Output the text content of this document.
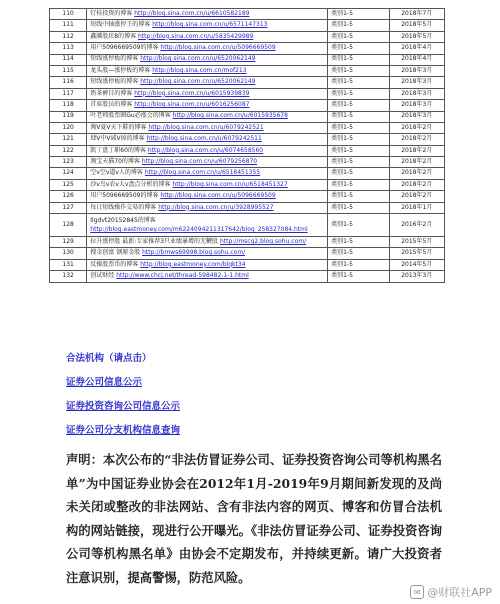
110	钌桂投资的博客 http://blog.sina.com.cn/u/6610582189	类别1-5	2018年7月
111	短线中轴涨停王的博客 http://blog.sina.com.cn/u/6571147313	类别1-5	2018年5月
112	鑫膦股状8的博客 http://blog.sina.com.cn/u/5835429989	类别1-5	2018年5月
113	用户5096669509的博客 http://blog.sina.com.cn/u/5096669509	类别1-5	2018年4月
114	短线涨停板的博客 http://blog.sina.com.cn/u/6520062149	类别1-5	2018年4月
115	龙头股—涨停板的博客 http://blog.sina.com.cn/mof213	类别1-5	2018年3月
116	短线涨停板的博客 http://blog.sina.com.cn/u/6520062149	类别1-5	2018年3月
117	奶茶裤目的博客 http://blog.sina.com.cn/u/6015939839	类别1-5	2018年3月
118	首席股员的博客 http://blog.sina.com.cn/u/6016256087	类别1-5	2018年3月
119	叶老师股票圈Gu必涨会的博客 http://blog.sina.com.cn/u/6015935678	类别1-5	2018年3月
120	淘V夏V天下鞋的博客 http://blog.sina.com.cn/u/6079242521	类别1-5	2018年2月
121	肆V中V诚V掉的博客 http://blog.sina.com.cn/u/6079242511	类别1-5	2018年2月
122	凯丁盘丁职60的博客 http://blog.sina.com.cn/u/6074658560	类别1-5	2018年2月
123	淘宝天猫70的博客 http://blog.sina.com.cn/u/6079256870	类别1-5	2018年2月
124	空v空v道v人的博客 http://blog.sina.com.cn/u/6518451355	类别1-5	2018年2月
125	沙v鸟v农v大v盘点分析的博客 http://blog.sina.com.cn/u/6518451327	类别1-5	2018年2月
126	用户5096669509的博客 http://blog.sina.com.cn/u/5096669509	类别1-5	2018年2月
127	每日短线操作交易的博客 http://blog.sina.com.cn/u/3928995527	类别1-5	2018年1月
128	Ilgdvt20152845的博客
http://blog.eastmoney.com/m6224094211317642/blog_258327084.html	类别1-5	2016年2月
129	拉升涨停股 最新:专家推荐3只业绩暴增的无鞭股 http://mscq2.blog.sohu.com/	类别1-5	2015年5月
130	搜金创富 钢原金股 http://bmws69998.blog.sohu.com/	类别1-5	2015年5月
131	反操股票币的博客 http://blog.eastmoney.com/blqkt34	类别1-5	2014年5月
132	创试财经 http://www.chcj.net/thread-598482-1-1.html	类别1-5	2013年3月
合法机构（请点击）
证券公司信息公示
证券投资咨询公司信息公示
证券公司分支机构信息查询
声明：本次公布的“非法仿冒证券公司、证券投资咨询公司等机构黑名单”为中国证券业协会在2012年1月-2019年9月期间新发现的及尚未关闭或整改的非法网站、含有非法内容的网页、博客和仿冒合法机构的网站链接，现进行公开曝光。《非法仿冒证券公司、证券投资咨询公司等机构黑名单》由协会不定期发布，并持续更新。请广大投资者注意识别，提高警惕，防范风险。
✉ @财联社APP
